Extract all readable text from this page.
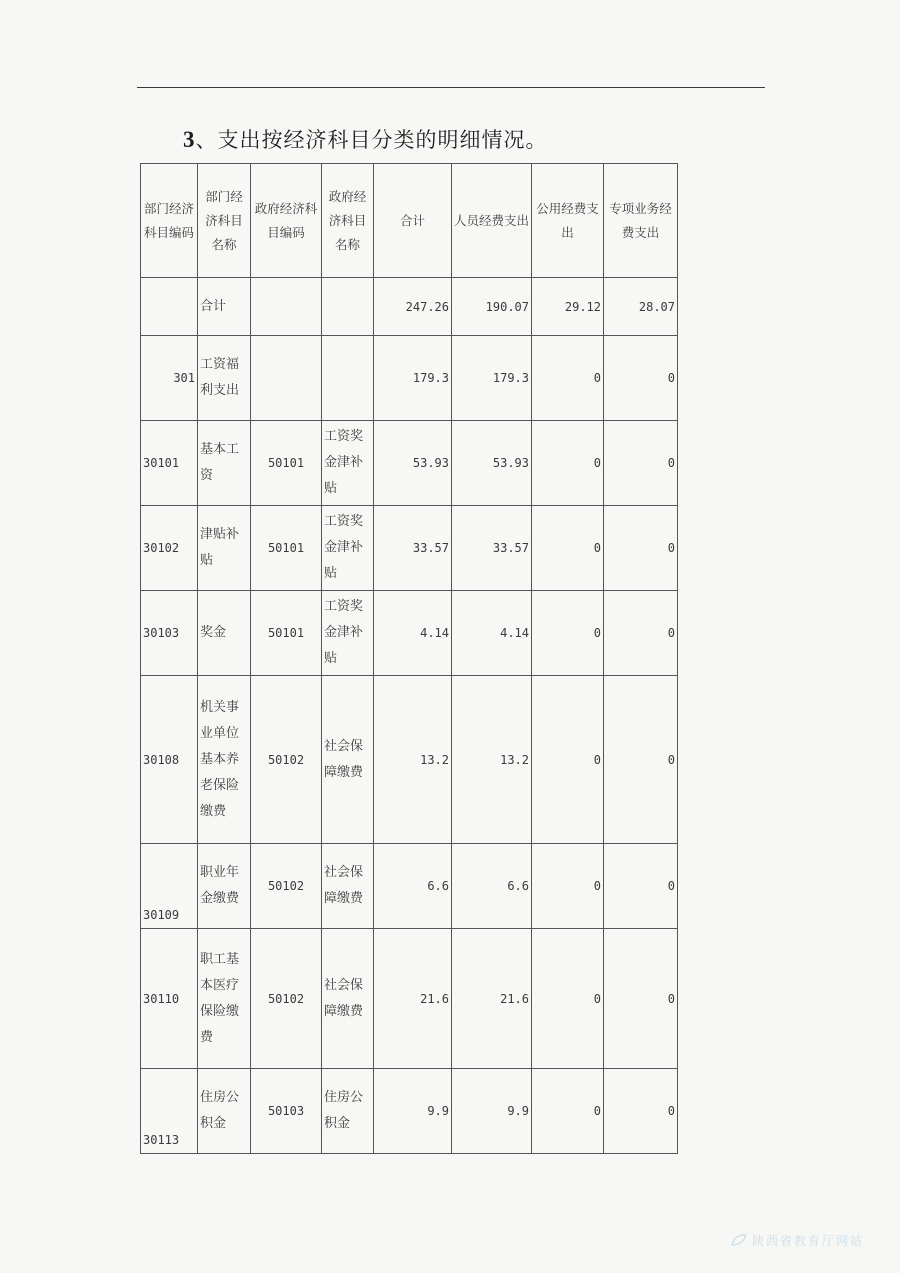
3、支出按经济科目分类的明细情况。
部门经济科目编码	部门经济科目名称	政府经济科目编码	政府经济科目名称	合计	人员经费支出	公用经费支出	专项业务经费支出
	合计			247.26	190.07	29.12	28.07
301	工资福利支出			179.3	179.3	0	0
30101	基本工资	50101	工资奖金津补贴	53.93	53.93	0	0
30102	津贴补贴	50101	工资奖金津补贴	33.57	33.57	0	0
30103	奖金	50101	工资奖金津补贴	4.14	4.14	0	0
30108	机关事业单位基本养老保险缴费	50102	社会保障缴费	13.2	13.2	0	0
30109	职业年金缴费	50102	社会保障缴费	6.6	6.6	0	0
30110	职工基本医疗保险缴费	50102	社会保障缴费	21.6	21.6	0	0
30113	住房公积金	50103	住房公积金	9.9	9.9	0	0
陕西省教育厅网站
